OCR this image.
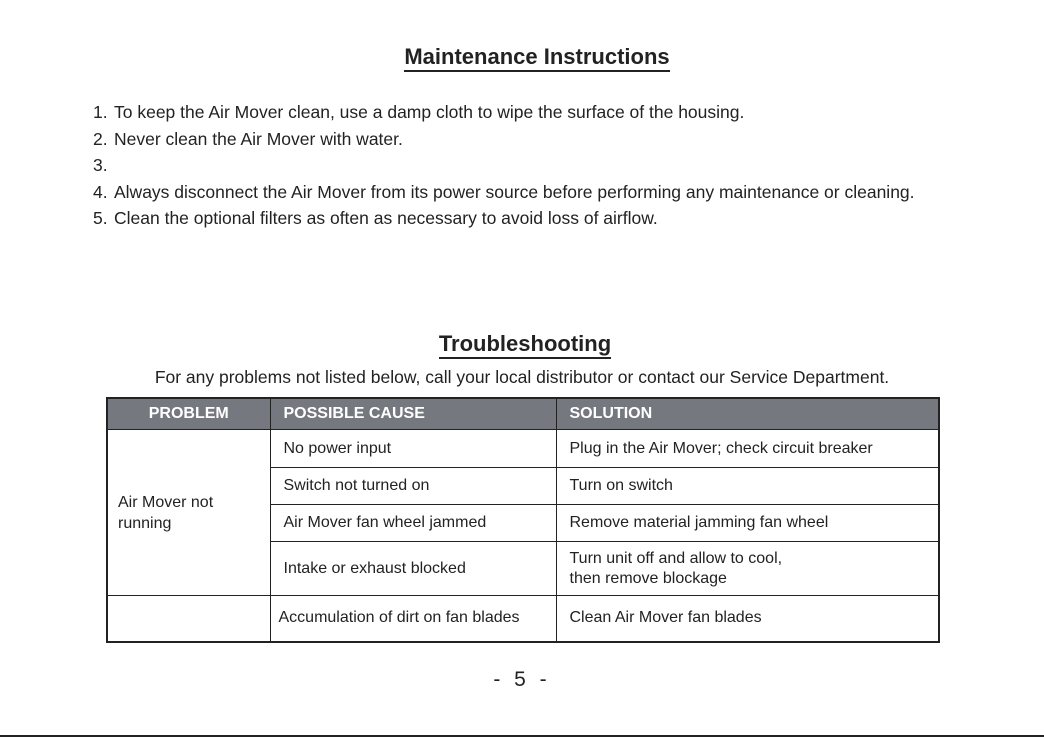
Maintenance Instructions
1. To keep the Air Mover clean, use a damp cloth to wipe the surface of the housing.
2. Never clean the Air Mover with water.
3.
4. Always disconnect the Air Mover from its power source before performing any maintenance or cleaning.
5. Clean the optional filters as often as necessary to avoid loss of airflow.
Troubleshooting
For any problems not listed below, call your local distributor or contact our Service Department.
PROBLEM	POSSIBLE CAUSE	SOLUTION

Air Mover not running	No power input	Plug in the Air Mover; check circuit breaker
	Switch not turned on	Turn on switch
	Air Mover fan wheel jammed	Remove material jamming fan wheel
	Intake or exhaust blocked	Turn unit off and allow to cool,
then remove blockage

	Accumulation of dirt on fan blades	Clean Air Mover fan blades
- 5 -
